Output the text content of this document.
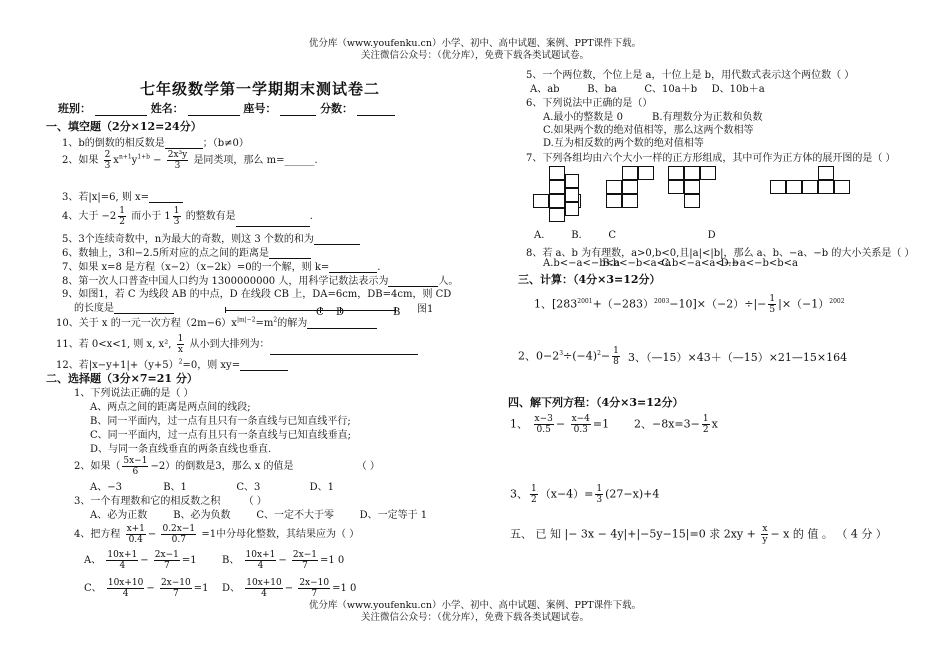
优分库（www.youfenku.cn）小学、初中、高中试题、案例、PPT课件下载。
关注微信公众号：（优分库），免费下载各类试题试卷。
优分库（www.youfenku.cn）小学、初中、高中试题、案例、PPT课件下载。
关注微信公众号：（优分库），免费下载各类试题试卷。
七年级数学第一学期期末测试卷二
班别：	姓名：	座号：	分数：
一、填空题（2分×12=24分）
1、b的倒数的相反数是	；（b≠0）
2、如果 $\frac{2}{3} x^{n+1}y^{1+b} - \frac{\text{2x³y}}{3}$ 是同类项，那么 m=______.
3、若|x|=6, 则 x=
4、大于 $-2 \frac{1}{2}$ 而小于 $1 \frac{1}{3}$ 的整数有是	.
5、3个连续奇数中，n为最大的奇数，则这 3 个数的和为
6、数轴上，3和−2.5所对应的点之间的距离是
7、如果 x=8 是方程（x−2）（x−2k）=0的一个解，则 k=	.
8、第一次人口普查中国人口约为 1300000000 人，用科学记数法表示为	人。
9、如图1，若 C 为线段 AB 的中点，D 在线段 CB 上，DA=6cm，DB=4cm，则 CD
的长度是	C D	B 图1
10、关于 x 的一元一次方程$(2m-6)x^{|m|-2}=m^2$的解为
11、若 0<x<1, 则 x, x², $\frac{1}{x}$ 从小到大排列为：
12、若$|x-y+1|+(y+5)^2=0$，则 xy=
二、选择题（3分×7=21 分）
1、下列说法正确的是（ ）
A、两点之间的距离是两点间的线段;
B、同一平面内，过一点有且只有一条直线与已知直线平行;
C、同一平面内，过一点有且只有一条直线与已知直线垂直;
D、与同一条直线垂直的两条直线也垂直.
2、如果（ $\frac{5x-1}{6} -2$）的倒数是3，那么 x 的值是	（ ）
A、−3	B、1	C、3	D、1
3、一个有理数和它的相反数之积 （ ）
A、必为正数	B、必为负数	C、一定不大于零	D、一定等于 1
4、把方程 $\frac{x+1}{0.4} - \frac{0.2x-1}{0.7} =1$中分母化整数，其结果应为（ ）
A、 $\frac{10x+1}{4} - \frac{2x-1}{7} =1$	B、 $\frac{10x+1}{4} - \frac{2x-1}{7} =1$ 0
C、 $\frac{10x+10}{4} - \frac{2x-10}{7} =1$ D、 $\frac{10x+10}{4} - \frac{2x-10}{7} =1$ 0
5、一个两位数，个位上是 a，十位上是 b，用代数式表示这个两位数（ ）
A、ab	B、ba	C、10a＋b D、10b＋a
6、下列说法中正确的是（）
A.最小的整数是 0	B.有理数分为正数和负数
C.如果两个数的绝对值相等，那么这两个数相等
D.互为相反数的两个数的绝对值相等
7、下列各组均由六个大小一样的正方形组成，其中可作为正方体的展开图的是（ ）
A.	B.	C	D
8、若 a、b 为有理数，a>0,b<0,且|a|<|b|，那么 a、b、−a、−b 的大小关系是（ ）
A.b<−a<−b<a B.b<−b<a<a C.b<−a<a<−b D.−a<−b<b<a
三、计算：（4分×3=12分）
1、$[283^{2001}+(-283)^{2003}-10]\times(-2)\div|- \frac{1}{5} |\times(-1)^{2002}$
2、$0-2^3\div(-4)^2- \frac{1}{8} 3$、（—15）×43＋（—15）×21—15×164
四、解下列方程：（4分×3=12分）
1、 $\frac{x-3}{0.5} - \frac{x-4}{0.3} =1$ 2、$-8x=3- \frac{1}{2}$ x
3、 $\frac{1}{2} (x-4)= \frac{1}{3} (27-x)+4$
五、 已 知 |− 3x − 4y|+|−5y−15|=0 求 $2xy + \frac{x}{y} - x$ 的 值 。 （ 4 分 ）
